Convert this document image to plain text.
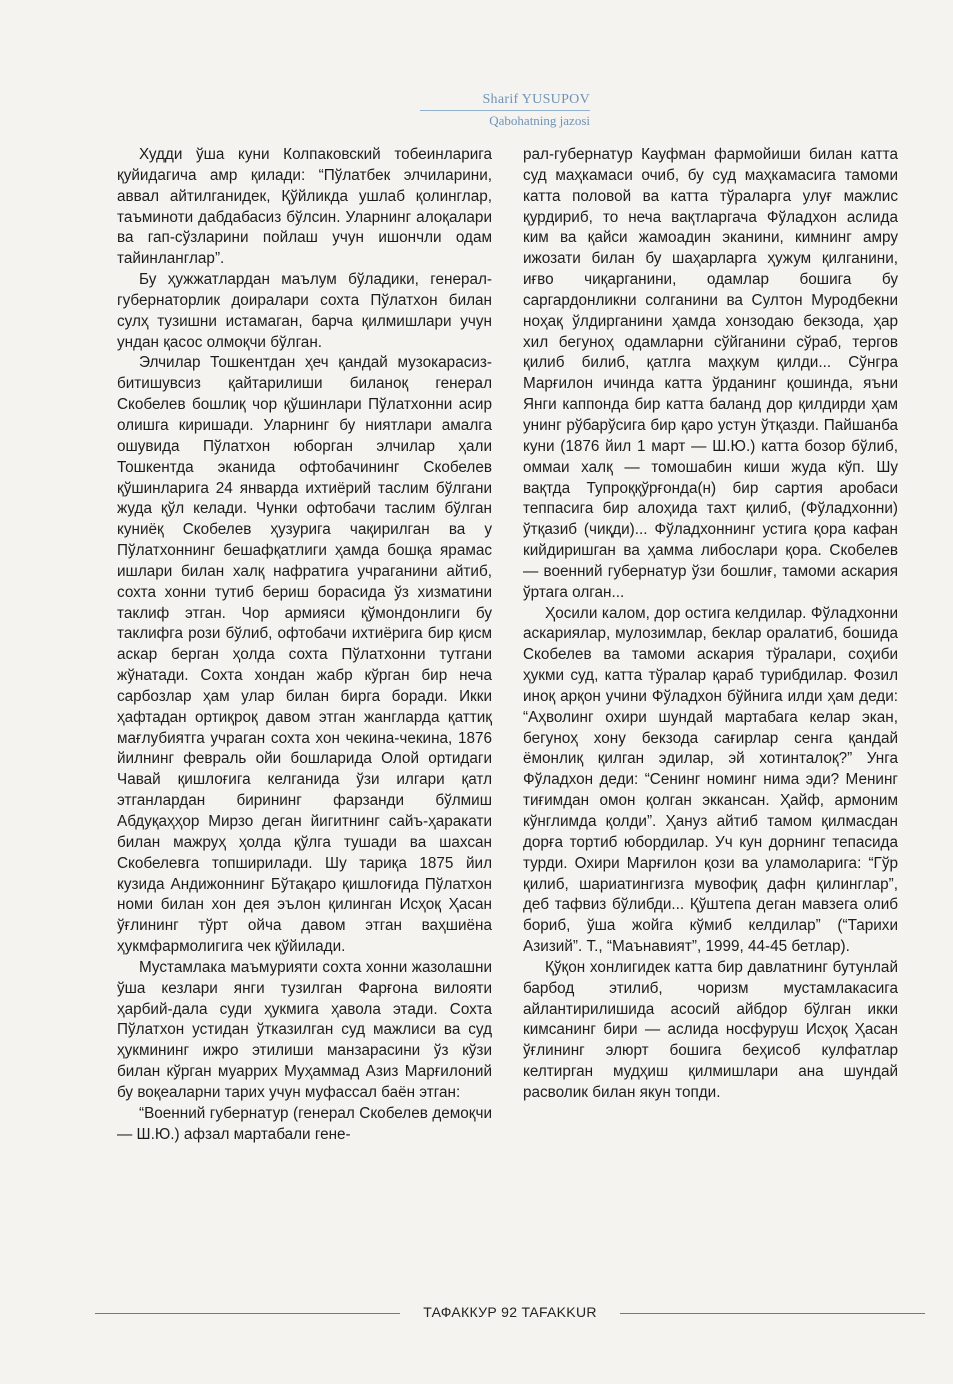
Sharif YUSUPOV
Qabohatning jazosi

Худди ўша куни Колпаковский тобеинларига қуйидагича амр қилади: “Пўлатбек элчиларини, аввал айтилганидек, Қўйликда ушлаб қолинглар, таъминоти дабдабасиз бўлсин. Уларнинг алоқалари ва гап-сўзларини пойлаш учун ишончли одам тайинланглар”.

Бу ҳужжатлардан маълум бўладики, генерал-губернаторлик доиралари сохта Пўлатхон билан сулҳ тузишни истамаган, барча қилмишлари учун ундан қасос олмоқчи бўлган.

Элчилар Тошкентдан ҳеч қандай музокарасиз-битишувсиз қайтарилиши биланоқ генерал Скобелев бошлиқ чор қўшинлари Пўлатхонни асир олишга киришади. Уларнинг бу ниятлари амалга ошувида Пўлатхон юборган элчилар ҳали Тошкентда эканида офтобачининг Скобелев қўшинларига 24 январда ихтиёрий таслим бўлгани жуда қўл келади. Чунки офтобачи таслим бўлган куниёқ Скобелев ҳузурига чақирилган ва у Пўлатхоннинг бешафқатлиги ҳамда бошқа ярамас ишлари билан халқ нафратига учраганини айтиб, сохта хонни тутиб бериш борасида ўз хизматини таклиф этган. Чор армияси қўмондонлиги бу таклифга рози бўлиб, офтобачи ихтиёрига бир қисм аскар берган ҳолда сохта Пўлатхонни тутгани жўнатади. Сохта хондан жабр кўрган бир неча сарбозлар ҳам улар билан бирга боради. Икки ҳафтадан ортиқроқ давом этган жангларда қаттиқ мағлубиятга учраган сохта хон чекина-чекина, 1876 йилнинг феврaль ойи бошларида Олой ортидаги Чавай қишлоғига келганида ўзи илгари қатл этганлардан бирининг фарзанди бўлмиш Абдуқаҳҳор Мирзо деган йигитнинг сайъ-ҳаракати билан мажруҳ ҳолда қўлга тушади ва шахсан Скобелевга топширилади. Шу тариқа 1875 йил кузида Андижоннинг Бўтақаро қишлоғида Пўлатхон номи билан хон дея эълон қилинган Исҳоқ Ҳасан ўғлининг тўрт ойча давом этган ваҳшиёна ҳукмфармолигига чек қўйилади.

Мустамлака маъмурияти сохта хонни жазолашни ўша кезлари янги тузилган Фарғона вилояти ҳарбий-дала суди ҳукмига ҳавола этади. Сохта Пўлатхон устидан ўтказилган суд мажлиси ва суд ҳукмининг ижро этилиши манзарасини ўз кўзи билан кўрган муаррих Муҳаммад Азиз Марғилоний бу воқеаларни тарих учун муфассал баён этган:

“Военний губернатур (генерал Скобелев демоқчи — Ш.Ю.) афзал мартабали гене-

рал-губернатур Кауфман фармойиши билан катта суд маҳкамаси очиб, бу суд маҳкамасига тамоми катта половой ва катта тўраларга улуғ мажлис қурдириб, то неча вақтларгача Фўладхон аслида ким ва қайси жамоадин эканини, кимнинг амру ижозати билан бу шаҳарларга ҳужум қилганини, иғво чиқарганини, одамлар бошига бу саргардонликни солганини ва Султон Муродбекни ноҳақ ўлдирганини ҳамда хонзодаю бекзода, ҳар хил бегуноҳ одамларни сўйганини сўраб, тергов қилиб билиб, қатлга маҳкум қилди... Сўнгра Марғилон ичинда катта ўрданинг қошинда, яъни Янги каппонда бир катта баланд дор қилдирди ҳам унинг рўбарўсига бир қаро устун ўтқазди. Пайшанба куни (1876 йил 1 март — Ш.Ю.) катта бозор бўлиб, оммаи халқ — томошабин киши жуда кўп. Шу вақтда Тупроққўрғонда(н) бир сартия аробаси теппасига бир алоҳида тахт қилиб, (Фўладхонни) ўтқазиб (чиқди)... Фўладхоннинг устига қора кафан кийдиришган ва ҳамма либослари қора. Скобелев — военний губернатур ўзи бошлиғ, тамоми аскария ўртага олган...

Ҳосили калом, дор остига келдилар. Фўладхонни аскариялар, мулозимлар, беклар оралатиб, бошида Скобелев ва тамоми аскария тўралари, соҳиби ҳукми суд, катта тўралар қараб турибдилар. Фозил иноқ арқон учини Фўладхон бўйнига илди ҳам деди: “Аҳволинг охири шундай мартабага келар экан, бегуноҳ хону бекзода сағирлар сенга қандай ёмонлиқ қилган эдилар, эй хотинталоқ?” Унга Фўладхон деди: “Сенинг номинг нима эди? Менинг тиғимдан омон қолган эккансан. Ҳайф, армоним кўнглимда қолди”. Ҳануз айтиб тамом қилмасдан дорға тортиб юбордилар. Уч кун дорнинг тепасида турди. Охири Марғилон қози ва уламоларига: “Гўр қилиб, шариатингизга мувофиқ дафн қилинглар”, деб тафвиз бўлибди... Қўштепа деган мавзега олиб бориб, ўша жойга кўмиб келдилар” (“Тарихи Азизий”. Т., “Маънавият”, 1999, 44-45 бетлар).

Қўқон хонлигидек катта бир давлатнинг бутунлай барбод этилиб, чоризм мустамлакасига айлантирилишида асосий айбдор бўлган икки кимсанинг бири — аслида носфуруш Исҳоқ Ҳасан ўғлининг элюрт бошига беҳисоб кулфатлар келтирган мудҳиш қилмишлари ана шундай расволик билан якун топди.

ТАФАККУР 92 TAFAKKUR
